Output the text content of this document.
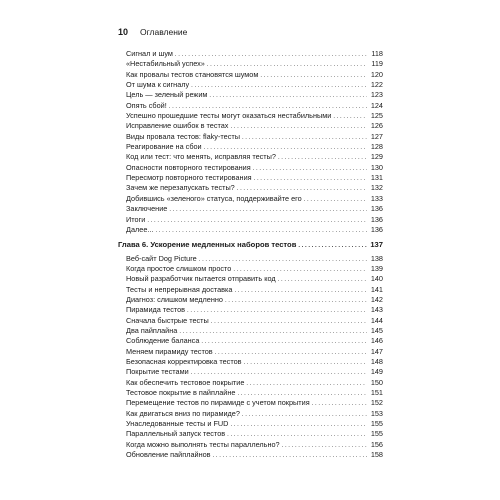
10 Оглавление
Сигнал и шум . . .	118
«Нестабильный успех» . . .	119
Как провалы тестов становятся шумом . . .	120
От шума к сигналу . . .	122
Цель — зеленый режим . . .	123
Опять сбой! . . .	124
Успешно прошедшие тесты могут оказаться нестабильными . . .	125
Исправление ошибок в тестах . . .	126
Виды провала тестов: flaky-тесты . . .	127
Реагирование на сбои . . .	128
Код или тест: что менять, исправляя тесты? . . .	129
Опасности повторного тестирования . . .	130
Пересмотр повторного тестирования . . .	131
Зачем же перезапускать тесты? . . .	132
Добившись «зеленого» статуса, поддерживайте его . . .	133
Заключение . . .	136
Итоги . . .	136
Далее... . . .	136
Глава 6. Ускорение медленных наборов тестов . . .	137
Веб-сайт Dog Picture . . .	138
Когда простое слишком просто . . .	139
Новый разработчик пытается отправить код . . .	140
Тесты и непрерывная доставка . . .	141
Диагноз: слишком медленно . . .	142
Пирамида тестов . . .	143
Сначала быстрые тесты . . .	144
Два пайплайна . . .	145
Соблюдение баланса . . .	146
Меняем пирамиду тестов . . .	147
Безопасная корректировка тестов . . .	148
Покрытие тестами . . .	149
Как обеспечить тестовое покрытие . . .	150
Тестовое покрытие в пайплайне . . .	151
Перемещение тестов по пирамиде с учетом покрытия . . .	152
Как двигаться вниз по пирамиде? . . .	153
Унаследованные тесты и FUD . . .	155
Параллельный запуск тестов . . .	155
Когда можно выполнять тесты параллельно? . . .	156
Обновление пайплайнов . . .	158
